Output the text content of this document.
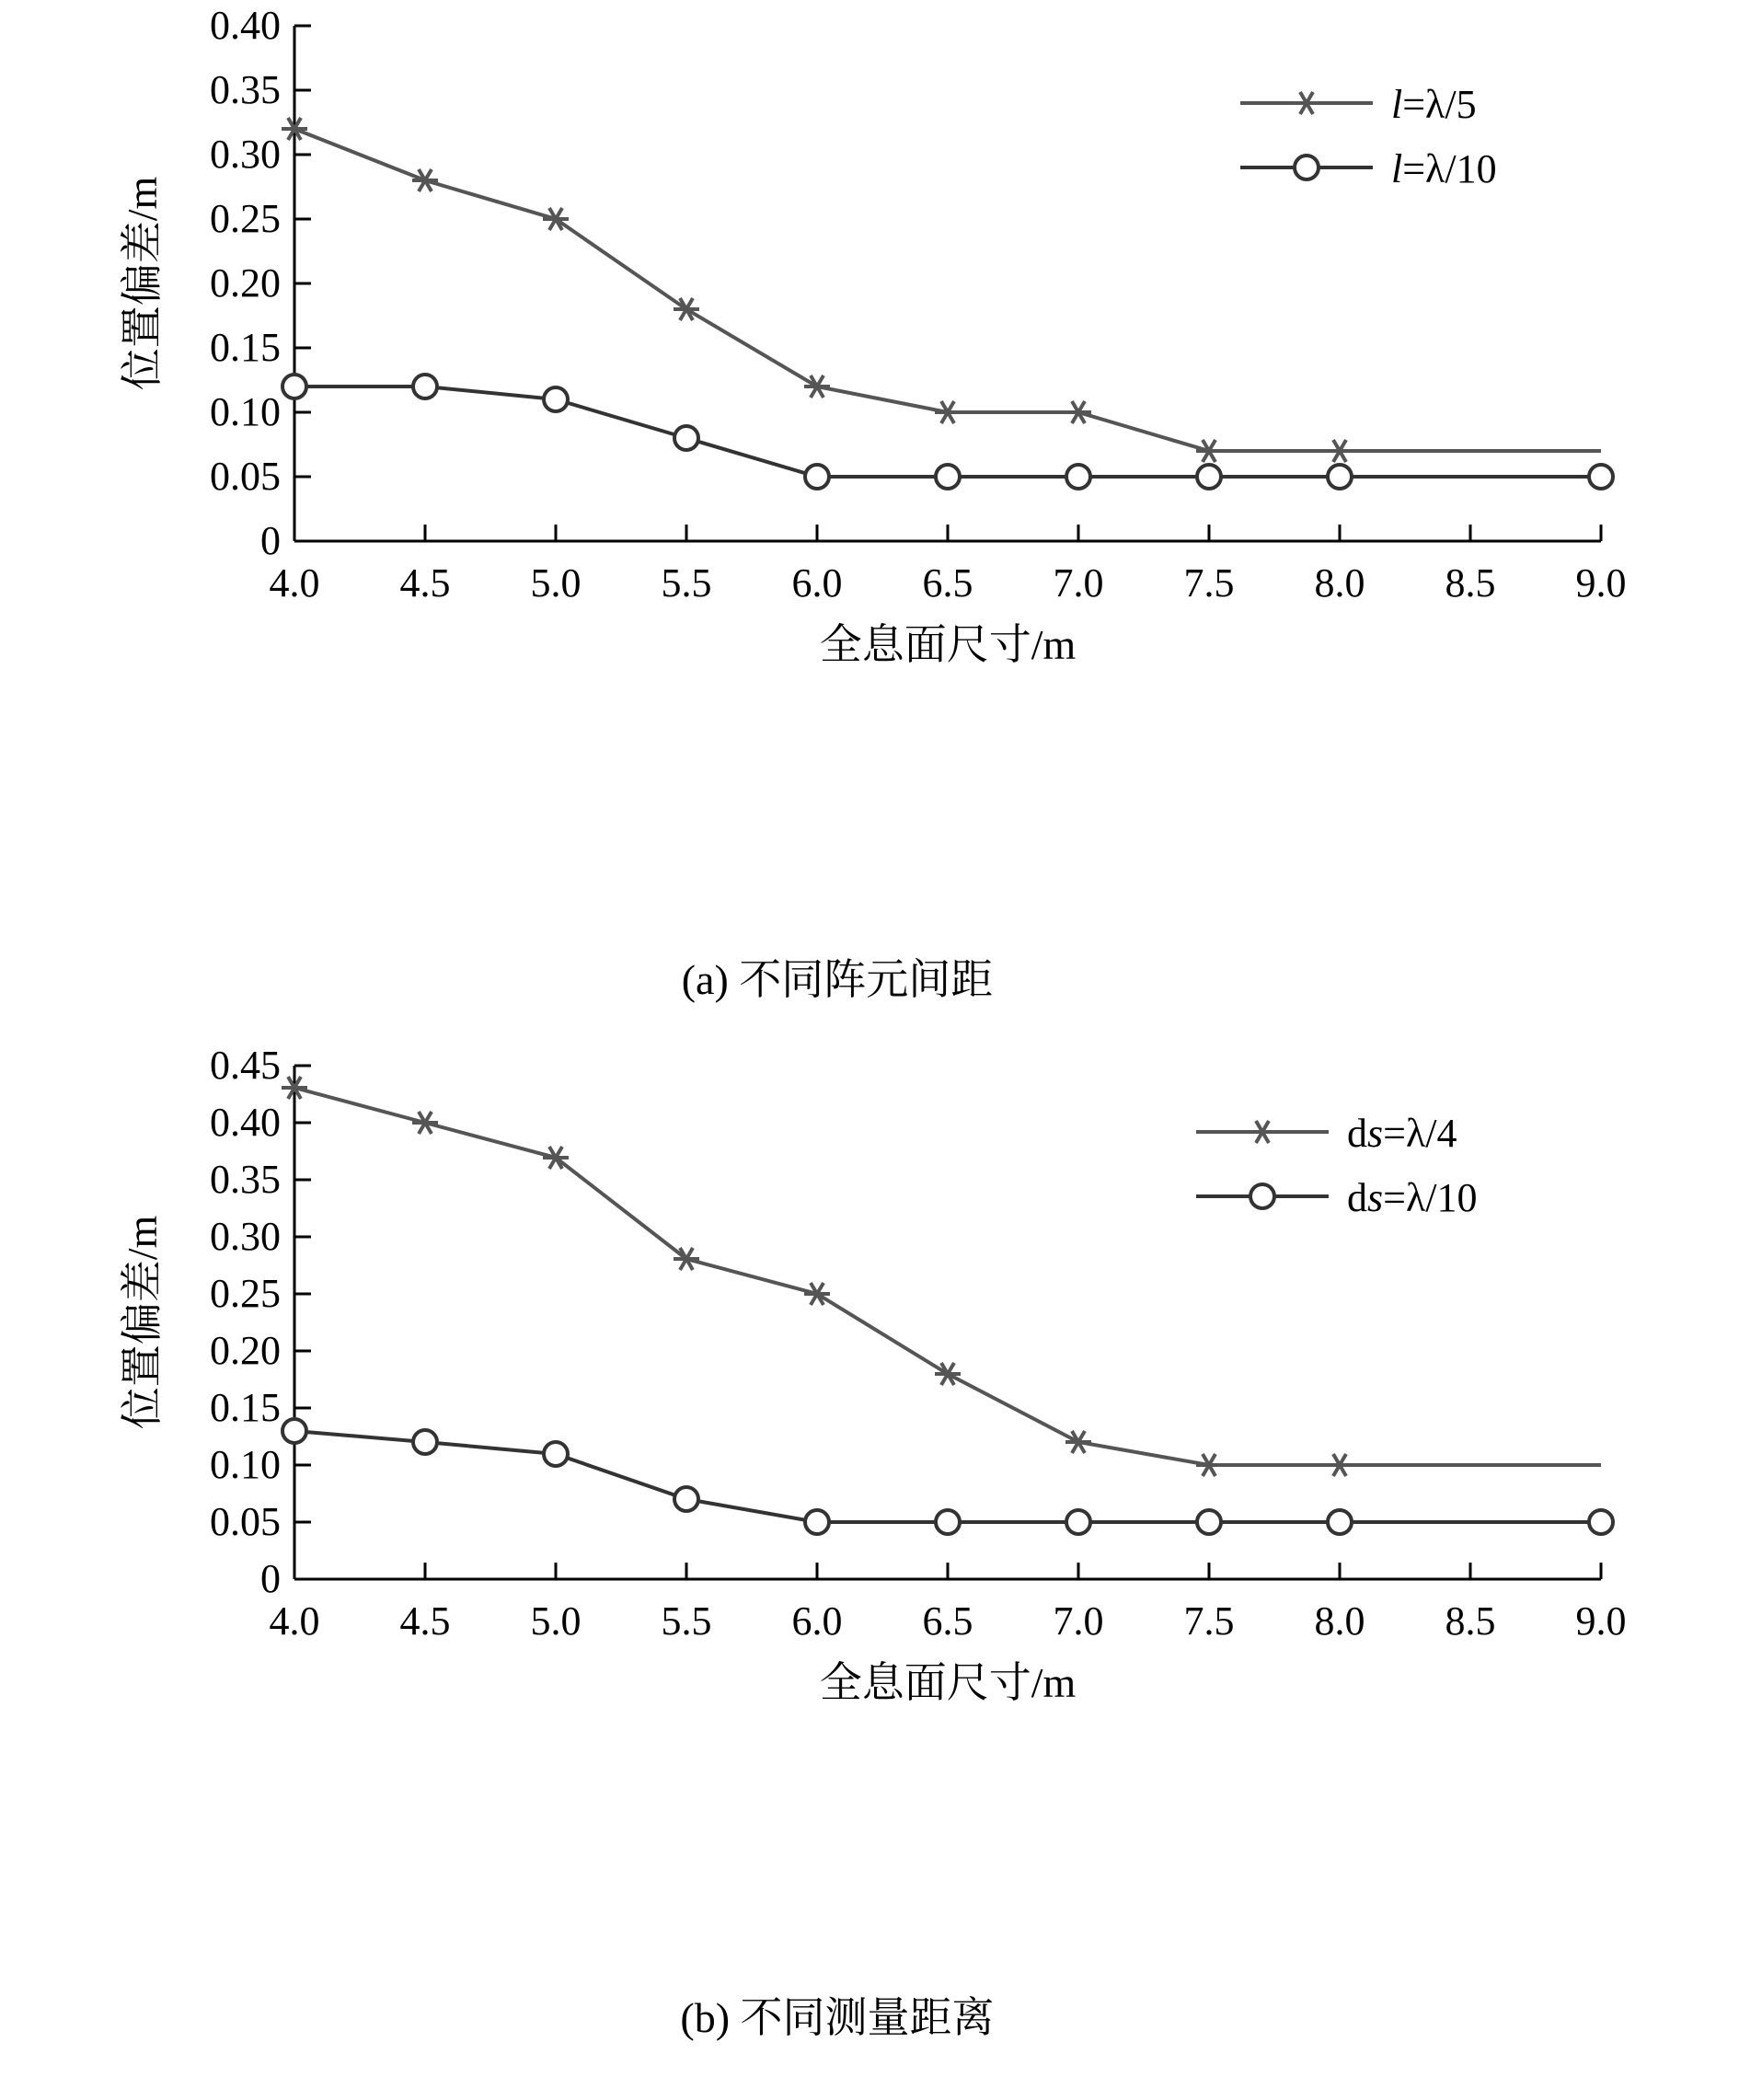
0.40
0.35
0.30
0.25
0.20
0.15
0.10
0.05
0
4.0 4.5 5.0 5.5 6.0 6.5 7.0 7.5 8.0 8.5 9.0
全息面尺寸/m
位置偏差/m
l=λ/5
l=λ/10
(a) 不同阵元间距
0.45
0.40
0.35
0.30
0.25
0.20
0.15
0.10
0.05
0
4.0 4.5 5.0 5.5 6.0 6.5 7.0 7.5 8.0 8.5 9.0
全息面尺寸/m
位置偏差/m
ds=λ/4
ds=λ/10
(b) 不同测量距离
